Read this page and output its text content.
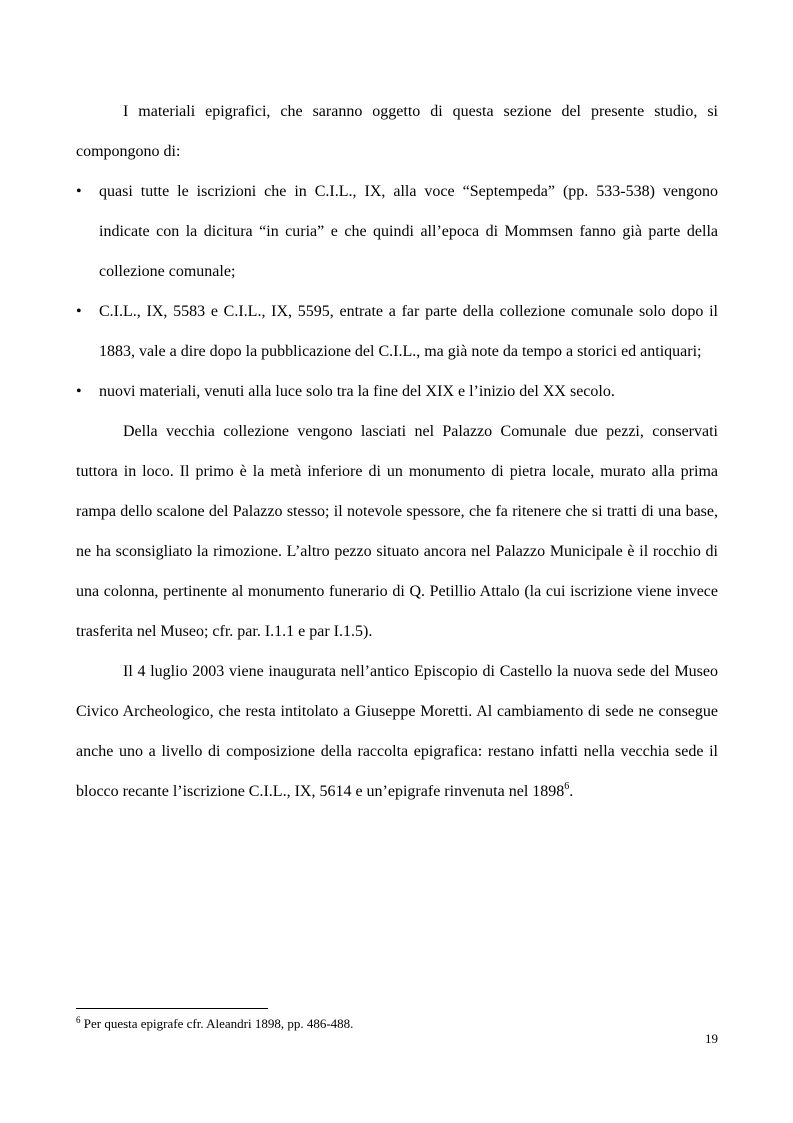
I materiali epigrafici, che saranno oggetto di questa sezione del presente studio, si compongono di:

•	quasi tutte le iscrizioni che in C.I.L., IX, alla voce “Septempeda” (pp. 533-538) vengono indicate con la dicitura “in curia” e che quindi all’epoca di Mommsen fanno già parte della collezione comunale;
•	C.I.L., IX, 5583 e C.I.L., IX, 5595, entrate a far parte della collezione comunale solo dopo il 1883, vale a dire dopo la pubblicazione del C.I.L., ma già note da tempo a storici ed antiquari;
•	nuovi materiali, venuti alla luce solo tra la fine del XIX e l’inizio del XX secolo.

Della vecchia collezione vengono lasciati nel Palazzo Comunale due pezzi, conservati tuttora in loco. Il primo è la metà inferiore di un monumento di pietra locale, murato alla prima rampa dello scalone del Palazzo stesso; il notevole spessore, che fa ritenere che si tratti di una base, ne ha sconsigliato la rimozione. L’altro pezzo situato ancora nel Palazzo Municipale è il rocchio di una colonna, pertinente al monumento funerario di Q. Petillio Attalo (la cui iscrizione viene invece trasferita nel Museo; cfr. par. I.1.1 e par I.1.5).

Il 4 luglio 2003 viene inaugurata nell’antico Episcopio di Castello la nuova sede del Museo Civico Archeologico, che resta intitolato a Giuseppe Moretti. Al cambiamento di sede ne consegue anche uno a livello di composizione della raccolta epigrafica: restano infatti nella vecchia sede il blocco recante l’iscrizione C.I.L., IX, 5614 e un’epigrafe rinvenuta nel 1898$^6$.

$^6$ Per questa epigrafe cfr. Aleandri 1898, pp. 486-488.
19
